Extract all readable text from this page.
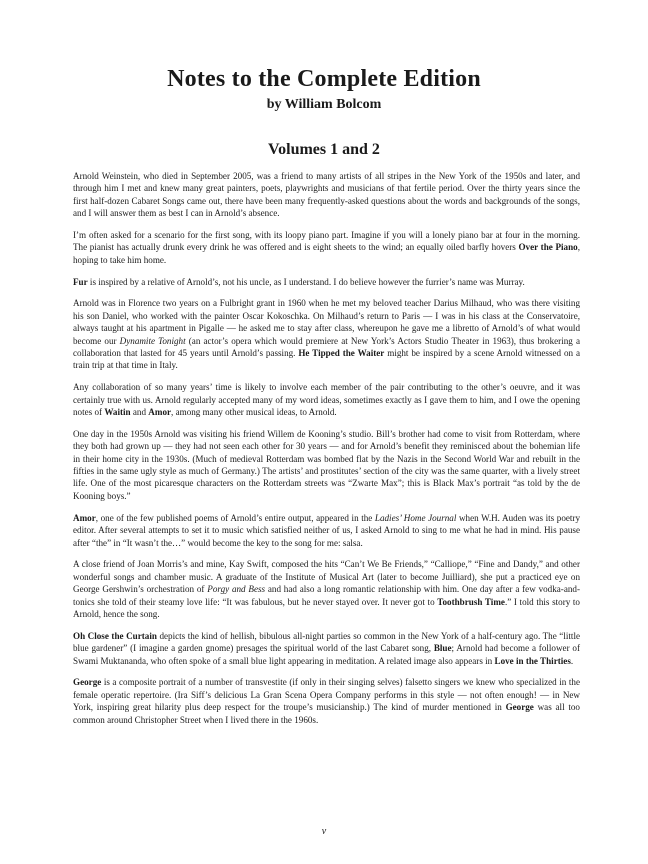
Notes to the Complete Edition
by William Bolcom
Volumes 1 and 2

Arnold Weinstein, who died in September 2005, was a friend to many artists of all stripes in the New York of the 1950s and later, and through him I met and knew many great painters, poets, playwrights and musicians of that fertile period. Over the thirty years since the first half-dozen Cabaret Songs came out, there have been many frequently-asked questions about the words and backgrounds of the songs, and I will answer them as best I can in Arnold’s absence.

I’m often asked for a scenario for the first song, with its loopy piano part. Imagine if you will a lonely piano bar at four in the morning. The pianist has actually drunk every drink he was offered and is eight sheets to the wind; an equally oiled barfly hovers Over the Piano, hoping to take him home.

Fur is inspired by a relative of Arnold’s, not his uncle, as I understand. I do believe however the furrier’s name was Murray.

Arnold was in Florence two years on a Fulbright grant in 1960 when he met my beloved teacher Darius Milhaud, who was there visiting his son Daniel, who worked with the painter Oscar Kokoschka. On Milhaud’s return to Paris — I was in his class at the Conservatoire, always taught at his apartment in Pigalle — he asked me to stay after class, whereupon he gave me a libretto of Arnold’s of what would become our Dynamite Tonight (an actor’s opera which would premiere at New York’s Actors Studio Theater in 1963), thus brokering a collaboration that lasted for 45 years until Arnold’s passing. He Tipped the Waiter might be inspired by a scene Arnold witnessed on a train trip at that time in Italy.

Any collaboration of so many years’ time is likely to involve each member of the pair contributing to the other’s oeuvre, and it was certainly true with us. Arnold regularly accepted many of my word ideas, sometimes exactly as I gave them to him, and I owe the opening notes of Waitin and Amor, among many other musical ideas, to Arnold.

One day in the 1950s Arnold was visiting his friend Willem de Kooning’s studio. Bill’s brother had come to visit from Rotterdam, where they both had grown up — they had not seen each other for 30 years — and for Arnold’s benefit they reminisced about the bohemian life in their home city in the 1930s. (Much of medieval Rotterdam was bombed flat by the Nazis in the Second World War and rebuilt in the fifties in the same ugly style as much of Germany.) The artists’ and prostitutes’ section of the city was the same quarter, with a lively street life. One of the most picaresque characters on the Rotterdam streets was “Zwarte Max”; this is Black Max’s portrait “as told by the de Kooning boys.”

Amor, one of the few published poems of Arnold’s entire output, appeared in the Ladies’ Home Journal when W.H. Auden was its poetry editor. After several attempts to set it to music which satisfied neither of us, I asked Arnold to sing to me what he had in mind. His pause after “the” in “It wasn’t the…” would become the key to the song for me: salsa.

A close friend of Joan Morris’s and mine, Kay Swift, composed the hits “Can’t We Be Friends,” “Calliope,” “Fine and Dandy,” and other wonderful songs and chamber music. A graduate of the Institute of Musical Art (later to become Juilliard), she put a practiced eye on George Gershwin’s orchestration of Porgy and Bess and had also a long romantic relationship with him. One day after a few vodka-and-tonics she told of their steamy love life: “It was fabulous, but he never stayed over. It never got to Toothbrush Time.” I told this story to Arnold, hence the song.

Oh Close the Curtain depicts the kind of hellish, bibulous all-night parties so common in the New York of a half-century ago. The “little blue gardener” (I imagine a garden gnome) presages the spiritual world of the last Cabaret song, Blue; Arnold had become a follower of Swami Muktananda, who often spoke of a small blue light appearing in meditation. A related image also appears in Love in the Thirties.

George is a composite portrait of a number of transvestite (if only in their singing selves) falsetto singers we knew who specialized in the female operatic repertoire. (Ira Siff’s delicious La Gran Scena Opera Company performs in this style — not often enough! — in New York, inspiring great hilarity plus deep respect for the troupe’s musicianship.) The kind of murder mentioned in George was all too common around Christopher Street when I lived there in the 1960s.

v
